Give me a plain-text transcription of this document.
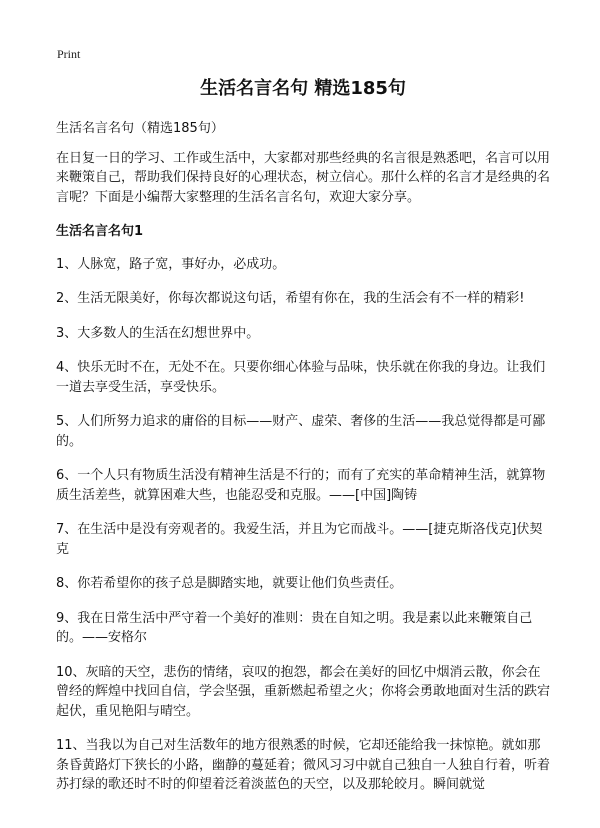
Print
生活名言名句 精选185句

生活名言名句（精选185句）

在日复一日的学习、工作或生活中，大家都对那些经典的名言很是熟悉吧，名言可以用来鞭策自己，帮助我们保持良好的心理状态，树立信心。那什么样的名言才是经典的名言呢？下面是小编帮大家整理的生活名言名句，欢迎大家分享。

生活名言名句1

1、人脉宽，路子宽，事好办，必成功。

2、生活无限美好，你每次都说这句话，希望有你在，我的生活会有不一样的精彩!

3、大多数人的生活在幻想世界中。

4、快乐无时不在，无处不在。只要你细心体验与品味，快乐就在你我的身边。让我们一道去享受生活，享受快乐。

5、人们所努力追求的庸俗的目标——财产、虚荣、奢侈的生活——我总觉得都是可鄙的。

6、一个人只有物质生活没有精神生活是不行的；而有了充实的革命精神生活，就算物质生活差些，就算困难大些，也能忍受和克服。——[中国]陶铸

7、在生活中是没有旁观者的。我爱生活，并且为它而战斗。——[捷克斯洛伐克]伏契克

8、你若希望你的孩子总是脚踏实地，就要让他们负些责任。

9、我在日常生活中严守着一个美好的准则：贵在自知之明。我是素以此来鞭策自己的。——安格尔

10、灰暗的天空，悲伤的情绪，哀叹的抱怨，都会在美好的回忆中烟消云散，你会在曾经的辉煌中找回自信，学会坚强，重新燃起希望之火；你将会勇敢地面对生活的跌宕起伏，重见艳阳与晴空。

11、当我以为自己对生活数年的地方很熟悉的时候，它却还能给我一抹惊艳。就如那条昏黄路灯下狭长的小路，幽静的蔓延着；微风习习中就自己独自一人独自行着，听着苏打绿的歌还时不时的仰望着泛着淡蓝色的天空，以及那轮皎月。瞬间就觉
